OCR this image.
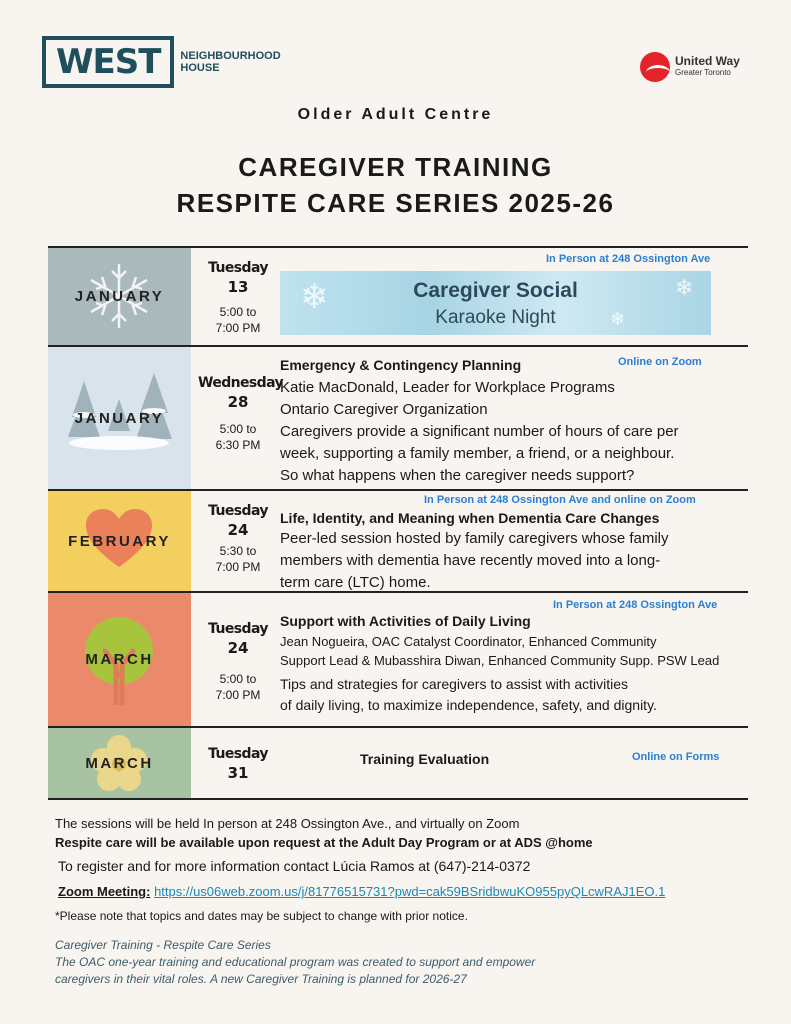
WEST NEIGHBOURHOOD
HOUSE	United Way
Greater Toronto
Older Adult Centre
CAREGIVER TRAINING
RESPITE CARE SERIES 2025-26
JANUARY
Tuesday
13
5:00 to
7:00 PM
In Person at 248 Ossington Ave
❄
❄
❄
Caregiver Social
Karaoke Night
JANUARY
Wednesday
28
5:00 to
6:30 PM
Online on Zoom
Emergency & Contingency Planning
Katie MacDonald, Leader for Workplace Programs
Ontario Caregiver Organization
Caregivers provide a significant number of hours of care per
week, supporting a family member, a friend, or a neighbour.
So what happens when the caregiver needs support?
FEBRUARY
Tuesday
24
5:30 to
7:00 PM
In Person at 248 Ossington Ave and online on Zoom
Life, Identity, and Meaning when Dementia Care Changes
Peer-led session hosted by family caregivers whose family
members with dementia have recently moved into a long-
term care (LTC) home.
MARCH
Tuesday
24
5:00 to
7:00 PM
In Person at 248 Ossington Ave
Support with Activities of Daily Living
Jean Nogueira, OAC Catalyst Coordinator, Enhanced Community
Support Lead & Mubasshira Diwan, Enhanced Community Supp. PSW Lead
Tips and strategies for caregivers to assist with activities
of daily living, to maximize independence, safety, and dignity.
MARCH
Tuesday
31
Training Evaluation	Online on Forms
The sessions will be held In person at 248 Ossington Ave., and virtually on Zoom
Respite care will be available upon request at the Adult Day Program or at ADS @home
To register and for more information contact Lúcia Ramos at (647)-214-0372
Zoom Meeting: https://us06web.zoom.us/j/81776515731?pwd=cak59BSridbwuKO955pyQLcwRAJ1EO.1
*Please note that topics and dates may be subject to change with prior notice.
Caregiver Training - Respite Care Series
The OAC one-year training and educational program was created to support and empower
caregivers in their vital roles. A new Caregiver Training is planned for 2026-27
